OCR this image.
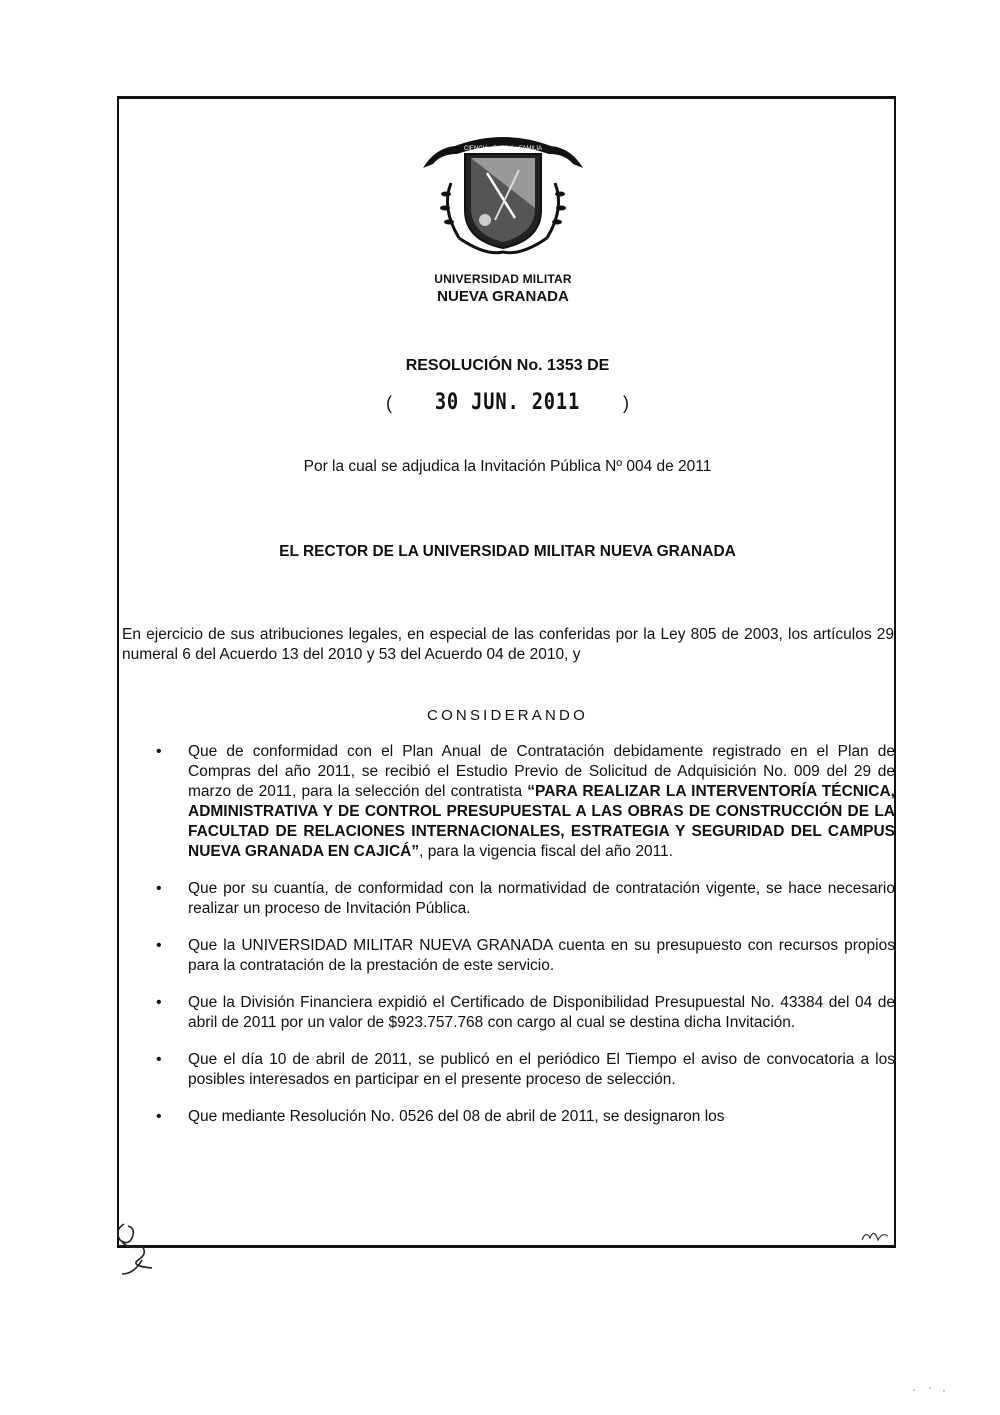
CIENCIA · PATRIA · FAMILIA
UNIVERSIDAD MILITAR
NUEVA GRANADA
RESOLUCIÓN No. 1353 DE
( 30 JUN. 2011 )
Por la cual se adjudica la Invitación Pública Nº 004 de 2011
EL RECTOR DE LA UNIVERSIDAD MILITAR NUEVA GRANADA
En ejercicio de sus atribuciones legales, en especial de las conferidas por la Ley 805 de 2003, los artículos 29 numeral 6 del Acuerdo 13 del 2010 y 53 del Acuerdo 04 de 2010, y
CONSIDERANDO
• Que de conformidad con el Plan Anual de Contratación debidamente registrado en el Plan de Compras del año 2011, se recibió el Estudio Previo de Solicitud de Adquisición No. 009 del 29 de marzo de 2011, para la selección del contratista “PARA REALIZAR LA INTERVENTORÍA TÉCNICA, ADMINISTRATIVA Y DE CONTROL PRESUPUESTAL A LAS OBRAS DE CONSTRUCCIÓN DE LA FACULTAD DE RELACIONES INTERNACIONALES, ESTRATEGIA Y SEGURIDAD DEL CAMPUS NUEVA GRANADA EN CAJICÁ”, para la vigencia fiscal del año 2011.
• Que por su cuantía, de conformidad con la normatividad de contratación vigente, se hace necesario realizar un proceso de Invitación Pública.
• Que la UNIVERSIDAD MILITAR NUEVA GRANADA cuenta en su presupuesto con recursos propios para la contratación de la prestación de este servicio.
• Que la División Financiera expidió el Certificado de Disponibilidad Presupuestal No. 43384 del 04 de abril de 2011 por un valor de $923.757.768 con cargo al cual se destina dicha Invitación.
• Que el día 10 de abril de 2011, se publicó en el periódico El Tiempo el aviso de convocatoria a los posibles interesados en participar en el presente proceso de selección.
• Que mediante Resolución No. 0526 del 08 de abril de 2011, se designaron los
